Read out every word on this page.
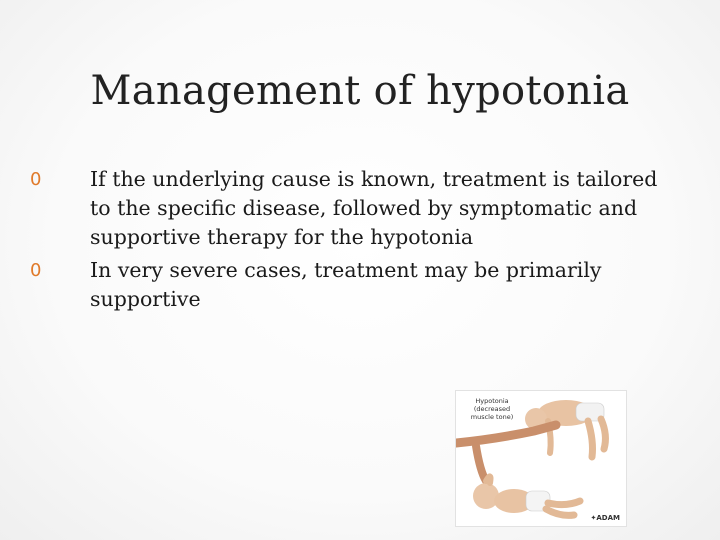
Management of hypotonia
0	If the underlying cause is known, treatment is tailored to the specific disease, followed by symptomatic and supportive therapy for the hypotonia
0	In very severe cases, treatment may be primarily supportive
Hypotonia (decreased muscle tone)
✦ADAM
